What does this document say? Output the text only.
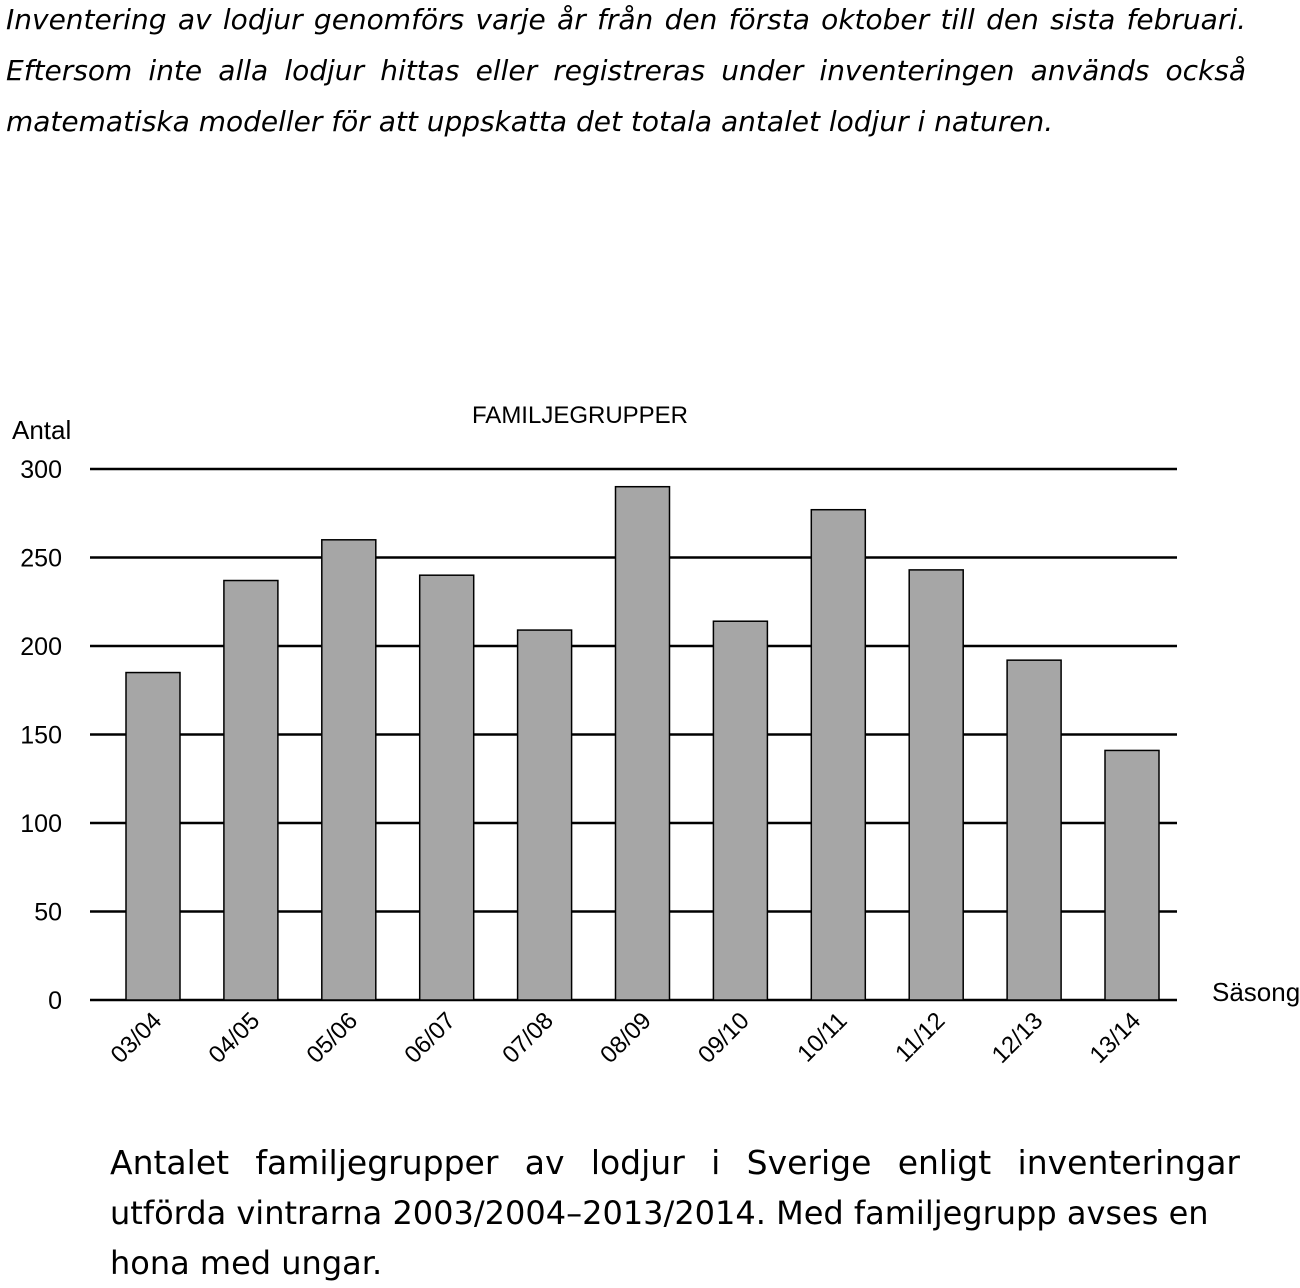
Inventering av lodjur genomförs varje år från den första oktober till den sista februari. Eftersom inte alla lodjur hittas eller registreras under inventeringen används också matematiska modeller för att uppskatta det totala antalet lodjur i naturen.

FAMILJEGRUPPER
Antal
Säsong
0
50
100
150
200
250
300
03/04 04/05 05/06 06/07 07/08 08/09 09/10 10/11 11/12 12/13 13/14
Antalet familjegrupper av lodjur i Sverige enligt inventeringar
utförda vintrarna 2003/2004–2013/2014. Med familjegrupp avses en hona med ungar.
